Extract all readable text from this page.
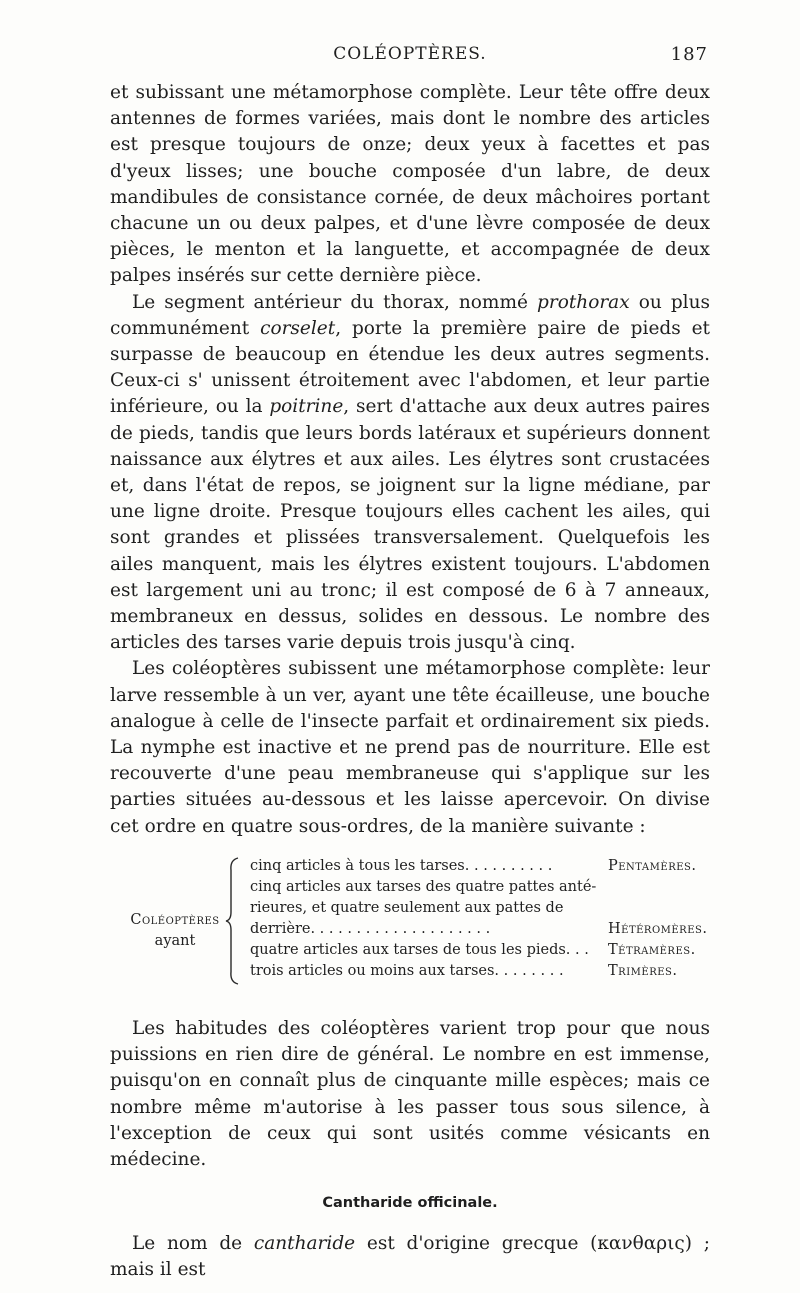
COLÉOPTÈRES.	187

et subissant une métamorphose complète. Leur tête offre deux antennes de formes variées, mais dont le nombre des articles est presque toujours de onze; deux yeux à facettes et pas d'yeux lisses; une bouche composée d'un labre, de deux mandibules de consistance cornée, de deux mâchoires portant chacune un ou deux palpes, et d'une lèvre composée de deux pièces, le menton et la languette, et accompagnée de deux palpes insérés sur cette dernière pièce.

Le segment antérieur du thorax, nommé prothorax ou plus communément corselet, porte la première paire de pieds et surpasse de beaucoup en étendue les deux autres segments. Ceux-ci s' unissent étroitement avec l'abdomen, et leur partie inférieure, ou la poitrine, sert d'attache aux deux autres paires de pieds, tandis que leurs bords latéraux et supérieurs donnent naissance aux élytres et aux ailes. Les élytres sont crustacées et, dans l'état de repos, se joignent sur la ligne médiane, par une ligne droite. Presque toujours elles cachent les ailes, qui sont grandes et plissées transversalement. Quelquefois les ailes manquent, mais les élytres existent toujours. L'abdomen est largement uni au tronc; il est composé de 6 à 7 anneaux, membraneux en dessus, solides en dessous. Le nombre des articles des tarses varie depuis trois jusqu'à cinq.

Les coléoptères subissent une métamorphose complète: leur larve ressemble à un ver, ayant une tête écailleuse, une bouche analogue à celle de l'insecte parfait et ordinairement six pieds. La nymphe est inactive et ne prend pas de nourriture. Elle est recouverte d'une peau membraneuse qui s'applique sur les parties situées au-dessous et les laisse apercevoir. On divise cet ordre en quatre sous-ordres, de la manière suivante :

Coléoptères
ayant
cinq articles à tous les tarses. . . . . . . . . .	Pentamères.
cinq articles aux tarses des quatre pattes anté-
rieures, et quatre seulement aux pattes de
derrière. . . . . . . . . . . . . . . . . . . .	Hétéromères.
quatre articles aux tarses de tous les pieds. . .	Tétramères.
trois articles ou moins aux tarses. . . . . . . .	Trimères.

Les habitudes des coléoptères varient trop pour que nous puissions en rien dire de général. Le nombre en est immense, puisqu'on en connaît plus de cinquante mille espèces; mais ce nombre même m'autorise à les passer tous sous silence, à l'exception de ceux qui sont usités comme vésicants en médecine.

Cantharide officinale.

Le nom de cantharide est d'origine grecque (κανθαρις) ; mais il est
